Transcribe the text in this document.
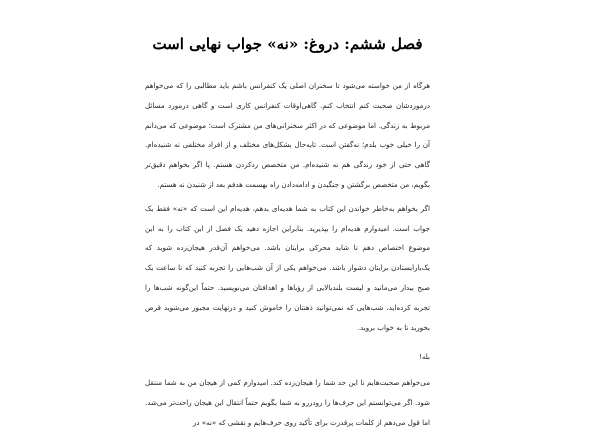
فصل ششم: دروغ: «نه» جواب نهایی است

هرگاه از من خواسته می‌شود تا سخنران اصلی یک کنفرانس باشم باید مطالبی را که می‌خواهم درمورد‌شان صحبت کنم انتخاب کنم. گاهی‌اوقات کنفرانس کاری است و گاهی درمورد مسائل مربوط به زندگی. اما موضوعی که در اکثر سخنرانی‌های من مشترک است؛ موضوعی که می‌دانم آن را خیلی خوب بلدم؛ نه‌گفتن است. تابه‌حال بشکل‌های مختلف و از افراد مختلفی نه شنیده‌ام. گاهی حتی از خود زندگی هم نه شنیده‌ام. من متخصص ردکردن هستم. پا اگر بخواهم دقیق‌تر بگویم، من متخصص برگشتن و جنگیدن و ادامه‌دادن راه بهسمت هدفم بعد از شنیدن نه هستم.

اگر بخواهم به‌خاطر خواندن این کتاب به شما هدیه‌ای بدهم، هدیه‌ام این است که «نه» فقط یک جواب است. امیدوارم هدیه‌ام را بپذیرید. بنابراین اجازه دهید یک فصل از این کتاب را به این موضوع اختصاص دهم تا شاید محرکی برایتان باشد. می‌خواهم آن‌قدر هیجان‌زده شوید که یک‌بارایستادن برایتان دشوار باشد. می‌خواهم یکی از آن شب‌هایی را تجربه کنید که تا ساعت یک صبح بیدار می‌مانید و لیست بلندبالایی از رؤیاها و اهدافتان می‌نویسید. حتماً این‌گونه شب‌ها را تجربه کرده‌اید، شب‌هایی که نمی‌توانید ذهنتان را خاموش کنید و درنهایت مجبور می‌شوید قرص بخورید تا به خواب بروید.

بله!

می‌خواهم صحبت‌هایم تا این حد شما را هیجان‌زده کند. امیدوارم کمی از هیجان من به شما منتقل شود. اگر می‌توانستم این حرف‌ها را رودررو به شما بگویم حتماً انتقال این هیجان راحت‌تر می‌شد. اما قول می‌دهم از کلمات پرقدرت برای تأکید روی حرف‌هایم و نقشی که «نه» در
